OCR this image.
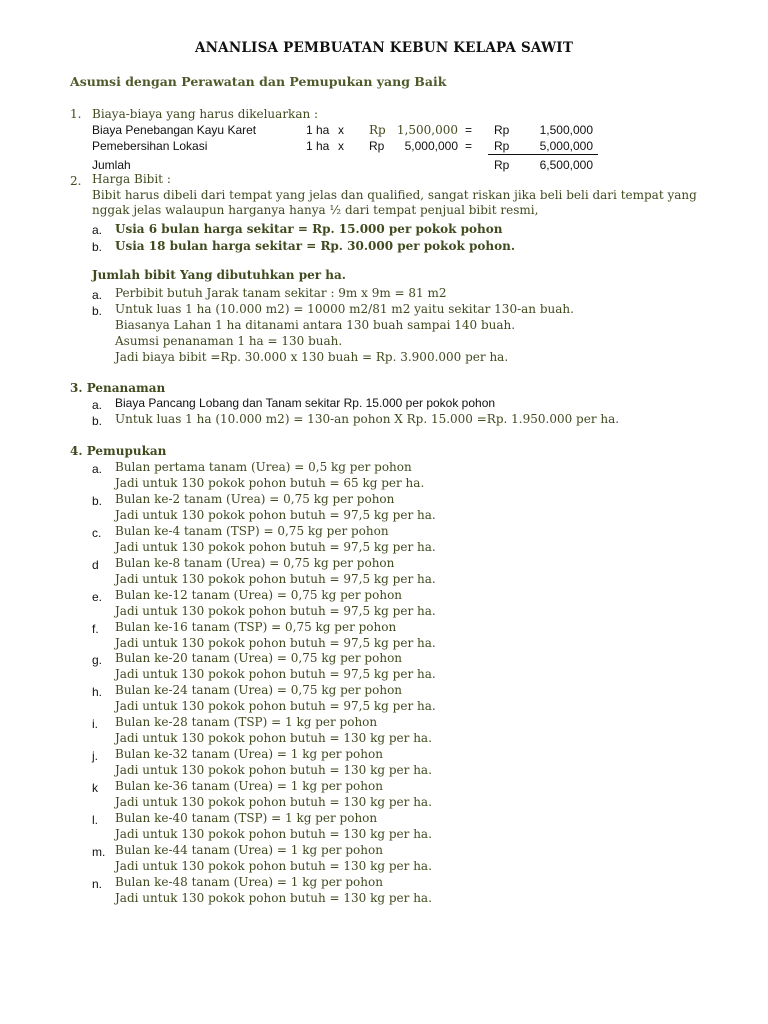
ANANLISA PEMBUATAN KEBUN KELAPA SAWIT
Asumsi dengan Perawatan dan Pemupukan yang Baik
1. Biaya-biaya yang harus dikeluarkan :
Biaya Penebangan Kayu Karet	1 ha x Rp 1,500,000 = Rp	1,500,000
Pemebersihan Lokasi	1 ha x Rp	5,000,000 = Rp	5,000,000
Jumlah	Rp	6,500,000
2. Harga Bibit :
Bibit harus dibeli dari tempat yang jelas dan qualified, sangat riskan jika beli beli dari tempat yang
nggak jelas walaupun harganya hanya ½ dari tempat penjual bibit resmi,
a. Usia 6 bulan harga sekitar = Rp. 15.000 per pokok pohon
b. Usia 18 bulan harga sekitar = Rp. 30.000 per pokok pohon.
Jumlah bibit Yang dibutuhkan per ha.
a. Perbibit butuh Jarak tanam sekitar : 9m x 9m = 81 m2
b. Untuk luas 1 ha (10.000 m2) = 10000 m2/81 m2 yaitu sekitar 130-an buah.
Biasanya Lahan 1 ha ditanami antara 130 buah sampai 140 buah.
Asumsi penanaman 1 ha = 130 buah.
Jadi biaya bibit =Rp. 30.000 x 130 buah = Rp. 3.900.000 per ha.
3. Penanaman
a. Biaya Pancang Lobang dan Tanam sekitar Rp. 15.000 per pokok pohon
b. Untuk luas 1 ha (10.000 m2) = 130-an pohon X Rp. 15.000 =Rp. 1.950.000 per ha.
4. Pemupukan
a. Bulan pertama tanam (Urea) = 0,5 kg per pohon
Jadi untuk 130 pokok pohon butuh = 65 kg per ha.
b. Bulan ke-2 tanam (Urea) = 0,75 kg per pohon
Jadi untuk 130 pokok pohon butuh = 97,5 kg per ha.
c. Bulan ke-4 tanam (TSP) = 0,75 kg per pohon
Jadi untuk 130 pokok pohon butuh = 97,5 kg per ha.
d Bulan ke-8 tanam (Urea) = 0,75 kg per pohon
Jadi untuk 130 pokok pohon butuh = 97,5 kg per ha.
e. Bulan ke-12 tanam (Urea) = 0,75 kg per pohon
Jadi untuk 130 pokok pohon butuh = 97,5 kg per ha.
f. Bulan ke-16 tanam (TSP) = 0,75 kg per pohon
Jadi untuk 130 pokok pohon butuh = 97,5 kg per ha.
g. Bulan ke-20 tanam (Urea) = 0,75 kg per pohon
Jadi untuk 130 pokok pohon butuh = 97,5 kg per ha.
h. Bulan ke-24 tanam (Urea) = 0,75 kg per pohon
Jadi untuk 130 pokok pohon butuh = 97,5 kg per ha.
i. Bulan ke-28 tanam (TSP) = 1 kg per pohon
Jadi untuk 130 pokok pohon butuh = 130 kg per ha.
j. Bulan ke-32 tanam (Urea) = 1 kg per pohon
Jadi untuk 130 pokok pohon butuh = 130 kg per ha.
k Bulan ke-36 tanam (Urea) = 1 kg per pohon
Jadi untuk 130 pokok pohon butuh = 130 kg per ha.
l. Bulan ke-40 tanam (TSP) = 1 kg per pohon
Jadi untuk 130 pokok pohon butuh = 130 kg per ha.
m. Bulan ke-44 tanam (Urea) = 1 kg per pohon
Jadi untuk 130 pokok pohon butuh = 130 kg per ha.
n. Bulan ke-48 tanam (Urea) = 1 kg per pohon
Jadi untuk 130 pokok pohon butuh = 130 kg per ha.
